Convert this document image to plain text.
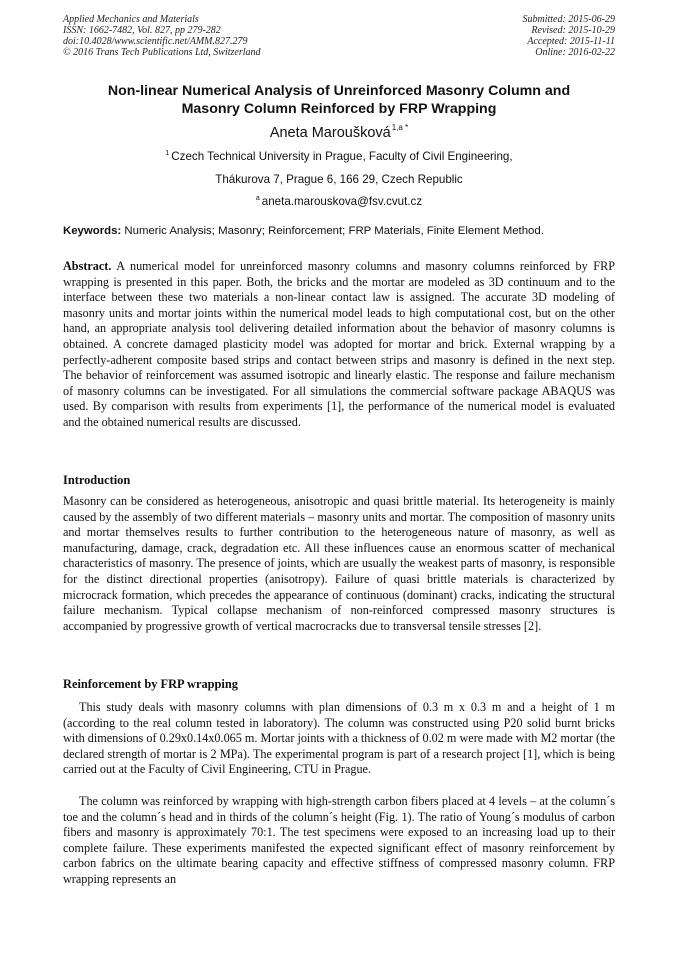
Applied Mechanics and Materials
ISSN: 1662-7482, Vol. 827, pp 279-282
doi:10.4028/www.scientific.net/AMM.827.279
© 2016 Trans Tech Publications Ltd, Switzerland
Submitted: 2015-06-29
Revised: 2015-10-29
Accepted: 2015-11-11
Online: 2016-02-22
Non-linear Numerical Analysis of Unreinforced Masonry Column and
Masonry Column Reinforced by FRP Wrapping
Aneta Maroušková$^{1,a *}$
$^1$ Czech Technical University in Prague, Faculty of Civil Engineering,
Thákurova 7, Prague 6, 166 29, Czech Republic
$^a$ aneta.marouskova@fsv.cvut.cz
Keywords: Numeric Analysis; Masonry; Reinforcement; FRP Materials, Finite Element Method.
Abstract. A numerical model for unreinforced masonry columns and masonry columns reinforced by FRP wrapping is presented in this paper. Both, the bricks and the mortar are modeled as 3D continuum and to the interface between these two materials a non-linear contact law is assigned. The accurate 3D modeling of masonry units and mortar joints within the numerical model leads to high computational cost, but on the other hand, an appropriate analysis tool delivering detailed information about the behavior of masonry columns is obtained. A concrete damaged plasticity model was adopted for mortar and brick. External wrapping by a perfectly-adherent composite based strips and contact between strips and masonry is defined in the next step. The behavior of reinforcement was assumed isotropic and linearly elastic. The response and failure mechanism of masonry columns can be investigated. For all simulations the commercial software package ABAQUS was used. By comparison with results from experiments [1], the performance of the numerical model is evaluated and the obtained numerical results are discussed.
Introduction
Masonry can be considered as heterogeneous, anisotropic and quasi brittle material. Its heterogeneity is mainly caused by the assembly of two different materials – masonry units and mortar. The composition of masonry units and mortar themselves results to further contribution to the heterogeneous nature of masonry, as well as manufacturing, damage, crack, degradation etc. All these influences cause an enormous scatter of mechanical characteristics of masonry. The presence of joints, which are usually the weakest parts of masonry, is responsible for the distinct directional properties (anisotropy). Failure of quasi brittle materials is characterized by microcrack formation, which precedes the appearance of continuous (dominant) cracks, indicating the structural failure mechanism. Typical collapse mechanism of non-reinforced compressed masonry structures is accompanied by progressive growth of vertical macrocracks due to transversal tensile stresses [2].
Reinforcement by FRP wrapping
This study deals with masonry columns with plan dimensions of 0.3 m x 0.3 m and a height of 1 m (according to the real column tested in laboratory). The column was constructed using P20 solid burnt bricks with dimensions of 0.29x0.14x0.065 m. Mortar joints with a thickness of 0.02 m were made with M2 mortar (the declared strength of mortar is 2 MPa). The experimental program is part of a research project [1], which is being carried out at the Faculty of Civil Engineering, CTU in Prague.
The column was reinforced by wrapping with high-strength carbon fibers placed at 4 levels – at the column´s toe and the column´s head and in thirds of the column´s height (Fig. 1). The ratio of Young´s modulus of carbon fibers and masonry is approximately 70:1. The test specimens were exposed to an increasing load up to their complete failure. These experiments manifested the expected significant effect of masonry reinforcement by carbon fabrics on the ultimate bearing capacity and effective stiffness of compressed masonry column. FRP wrapping represents an
